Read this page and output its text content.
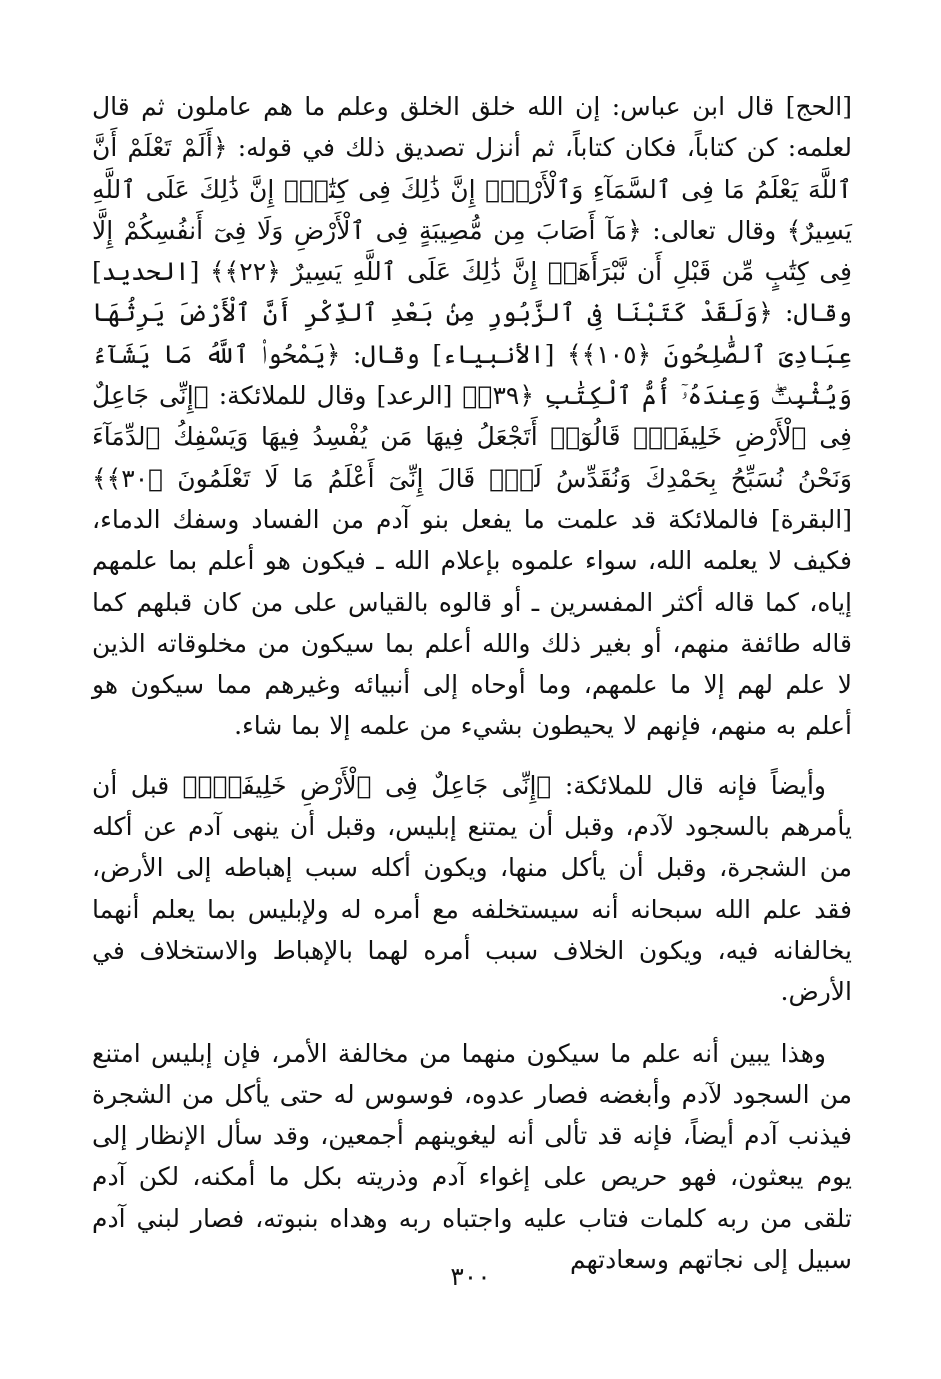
[الحج] قال ابن عباس: إن الله خلق الخلق وعلم ما هم عاملون ثم قال لعلمه: كن كتاباً، فكان كتاباً، ثم أنزل تصديق ذلك في قوله: ﴿أَلَمْ تَعْلَمْ أَنَّ ٱللَّهَ يَعْلَمُ مَا فِى ٱلسَّمَآءِ وَٱلْأَرْضِۗ إِنَّ ذَٰلِكَ فِى كِتَٰبٍۚ إِنَّ ذَٰلِكَ عَلَى ٱللَّهِ يَسِيرٌ﴾ وقال تعالى: ﴿مَآ أَصَابَ مِن مُّصِيبَةٍ فِى ٱلْأَرْضِ وَلَا فِىٓ أَنفُسِكُمْ إِلَّا فِى كِتَٰبٍ مِّن قَبْلِ أَن نَّبْرَأَهَآۚ إِنَّ ذَٰلِكَ عَلَى ٱللَّهِ يَسِيرٌ ﴿٢٢﴾﴾ [الحديد] وقال: ﴿وَلَقَدْ كَتَبْنَا فِى ٱلزَّبُورِ مِنۢ بَعْدِ ٱلذِّكْرِ أَنَّ ٱلْأَرْضَ يَرِثُهَا عِبَادِىَ ٱلصَّٰلِحُونَ ﴿١٠٥﴾﴾ [الأنبياء] وقال: ﴿يَمْحُوا۟ ٱللَّهُ مَا يَشَآءُ وَيُثْبِتُۖ وَعِندَهُۥٓ أُمُّ ٱلْكِتَٰبِ ﴿٣٩﴾﴾ [الرعد] وقال للملائكة: ﴿إِنِّى جَاعِلٌ فِى ٱلْأَرْضِ خَلِيفَةًۖ قَالُوٓا۟ أَتَجْعَلُ فِيهَا مَن يُفْسِدُ فِيهَا وَيَسْفِكُ ٱلدِّمَآءَ وَنَحْنُ نُسَبِّحُ بِحَمْدِكَ وَنُقَدِّسُ لَكَۖ قَالَ إِنِّىٓ أَعْلَمُ مَا لَا تَعْلَمُونَ ﴿٣٠﴾﴾ [البقرة] فالملائكة قد علمت ما يفعل بنو آدم من الفساد وسفك الدماء، فكيف لا يعلمه الله، سواء علموه بإعلام الله ـ فيكون هو أعلم بما علمهم إياه، كما قاله أكثر المفسرين ـ أو قالوه بالقياس على من كان قبلهم كما قاله طائفة منهم، أو بغير ذلك والله أعلم بما سيكون من مخلوقاته الذين لا علم لهم إلا ما علمهم، وما أوحاه إلى أنبيائه وغيرهم مما سيكون هو أعلم به منهم، فإنهم لا يحيطون بشيء من علمه إلا بما شاء.

وأيضاً فإنه قال للملائكة: ﴿إِنِّى جَاعِلٌ فِى ٱلْأَرْضِ خَلِيفَةًۖ﴾ قبل أن يأمرهم بالسجود لآدم، وقبل أن يمتنع إبليس، وقبل أن ينهى آدم عن أكله من الشجرة، وقبل أن يأكل منها، ويكون أكله سبب إهباطه إلى الأرض، فقد علم الله سبحانه أنه سيستخلفه مع أمره له ولإبليس بما يعلم أنهما يخالفانه فيه، ويكون الخلاف سبب أمره لهما بالإهباط والاستخلاف في الأرض.

وهذا يبين أنه علم ما سيكون منهما من مخالفة الأمر، فإن إبليس امتنع من السجود لآدم وأبغضه فصار عدوه، فوسوس له حتى يأكل من الشجرة فيذنب آدم أيضاً، فإنه قد تألى أنه ليغوينهم أجمعين، وقد سأل الإنظار إلى يوم يبعثون، فهو حريص على إغواء آدم وذريته بكل ما أمكنه، لكن آدم تلقى من ربه كلمات فتاب عليه واجتباه ربه وهداه بنبوته، فصار لبني آدم سبيل إلى نجاتهم وسعادتهم

٣٠٠
